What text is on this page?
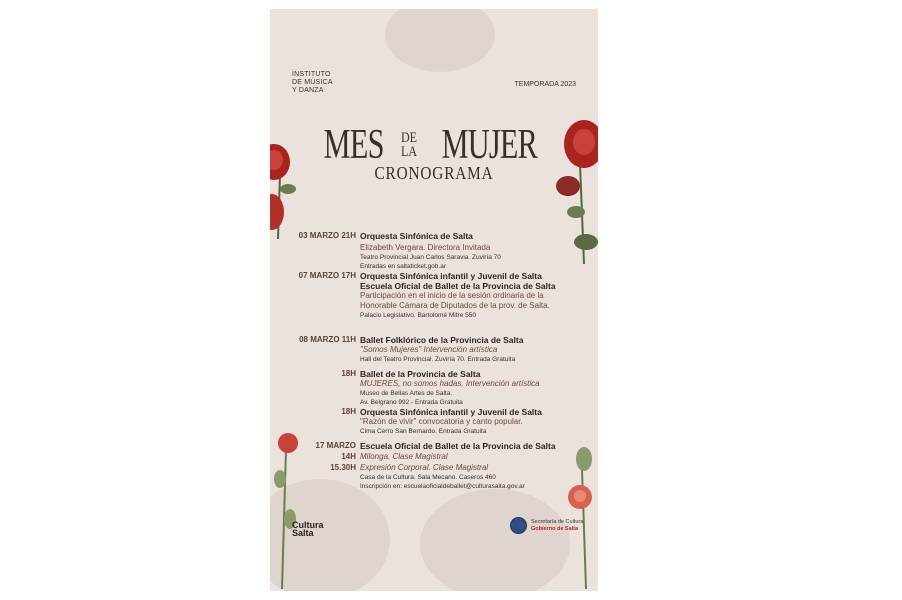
INSTITUTO
DE MÚSICA
Y DANZA
TEMPORADA 2023
MES DE
LA MUJER
CRONOGRAMA
03 MARZO 21H Orquesta Sinfónica de Salta
Elizabeth Vergara. Directora Invitada
Teatro Provincial Juan Carlos Saravia. Zuviría 70
Entradas en saltaticket.gob.ar
07 MARZO 17H Orquesta Sinfónica infantil y Juvenil de Salta
Escuela Oficial de Ballet de la Provincia de Salta
Participación en el inicio de la sesión ordinaria de la
Honorable Cámara de Diputados de la prov. de Salta.
Palacio Legislativo. Bartolomé Mitre 550
08 MARZO 11H Ballet Folklórico de la Provincia de Salta
"Somos Mujeres" Intervención artística
Hall del Teatro Provincial. Zuviría 70. Entrada Gratuita
18H Ballet de la Provincia de Salta
MUJERES, no somos hadas. Intervención artística
Museo de Bellas Artes de Salta.
Av. Belgrano 992 - Entrada Gratuita
18H Orquesta Sinfónica infantil y Juvenil de Salta
"Razón de vivir" convocatoria y canto popular.
Cima Cerro San Bernardo. Entrada Gratuita
17 MARZO Escuela Oficial de Ballet de la Provincia de Salta
14H Milonga. Clase Magistral
15.30H Expresión Corporal. Clase Magistral
Casa de la Cultura. Sala Mecano. Caseros 460
Inscripción en: escuelaoficialdeballet@culturasalta.gov.ar
Cultura
Salta
Secretaría de Cultura
Gobierno de Salta
